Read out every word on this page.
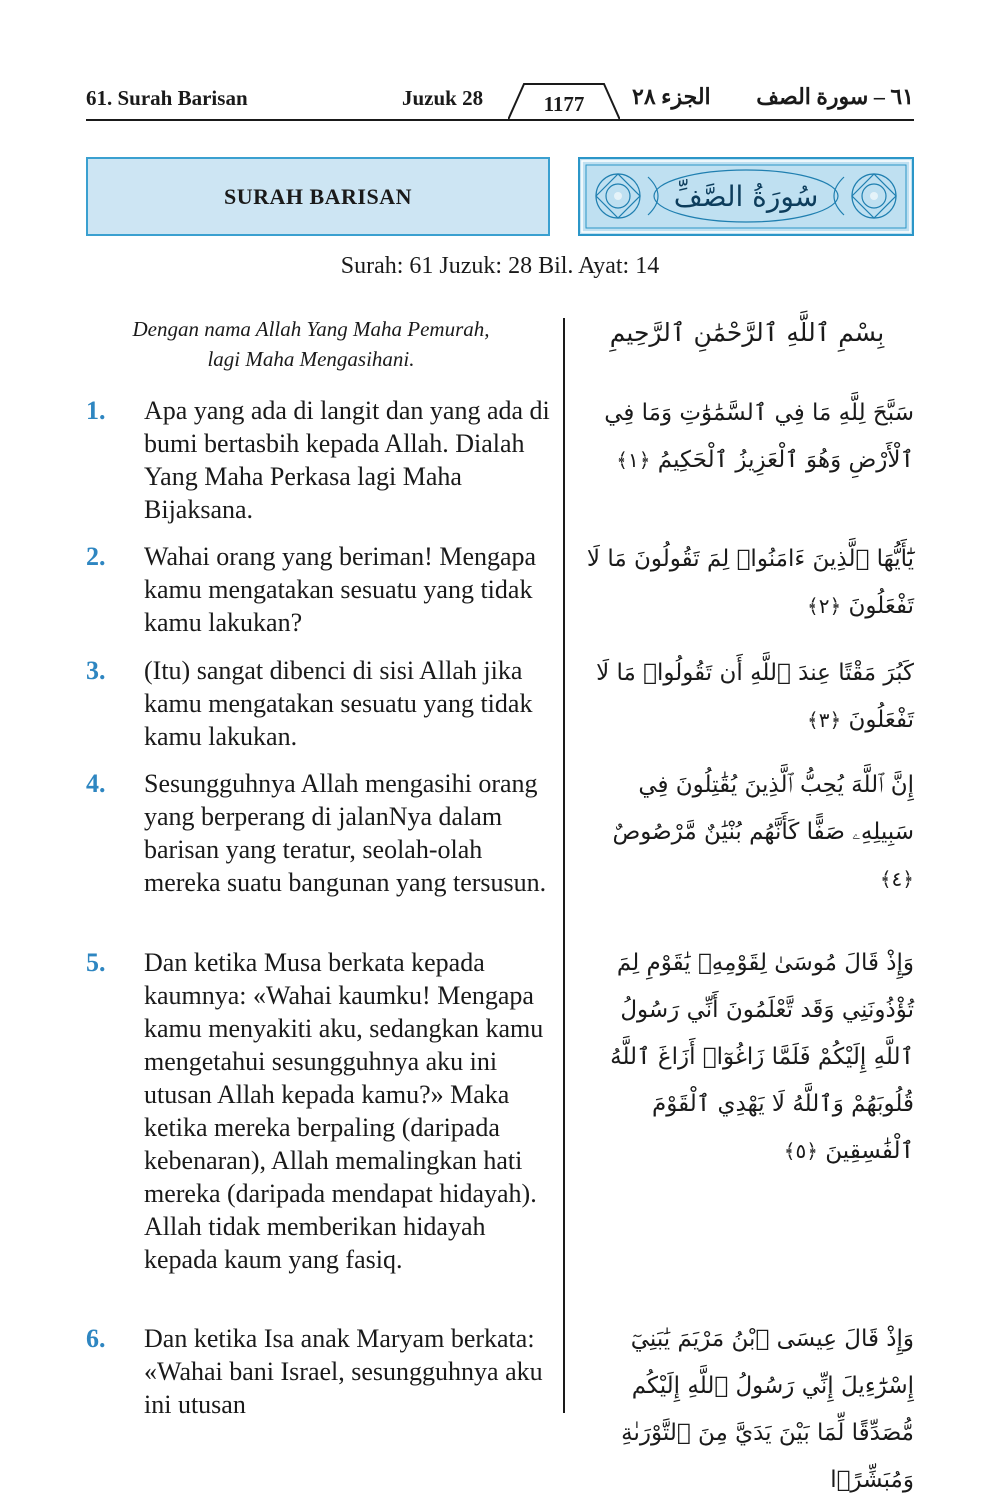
61. Surah Barisan	Juzuk 28	1177	الجزء ٢٨ ٦١ – سورة الصف
SURAH BARISAN	سُورَةُ الصَّفِّ
Surah: 61 Juzuk: 28 Bil. Ayat: 14
Dengan nama Allah Yang Maha Pemurah,
lagi Maha Mengasihani.
بِسْمِ ٱللَّهِ ٱلرَّحْمَٰنِ ٱلرَّحِيمِ
1. Apa yang ada di langit dan yang ada di bumi bertasbih kepada Allah. Dialah Yang Maha Perkasa lagi Maha Bijaksana.
2. Wahai orang yang beriman! Mengapa kamu mengatakan sesuatu yang tidak kamu lakukan?
3. (Itu) sangat dibenci di sisi Allah jika kamu mengatakan sesuatu yang tidak kamu lakukan.
4. Sesungguhnya Allah mengasihi orang yang berperang di jalanNya dalam barisan yang teratur, seolah-olah mereka suatu bangunan yang tersusun.
5. Dan ketika Musa berkata kepada kaumnya: «Wahai kaumku! Mengapa kamu menyakiti aku, sedangkan kamu mengetahui sesungguhnya aku ini utusan Allah kepada kamu?» Maka ketika mereka berpaling (daripada kebenaran), Allah memalingkan hati mereka (daripada mendapat hidayah). Allah tidak memberikan hidayah kepada kaum yang fasiq.
6. Dan ketika Isa anak Maryam berkata: «Wahai bani Israel, sesungguhnya aku ini utusan
سَبَّحَ لِلَّهِ مَا فِي ٱلسَّمَٰوَٰتِ وَمَا فِي ٱلْأَرْضِ وَهُوَ ٱلْعَزِيزُ ٱلْحَكِيمُ ﴿١﴾
يَٰٓأَيُّهَا ٱلَّذِينَ ءَامَنُوا۟ لِمَ تَقُولُونَ مَا لَا تَفْعَلُونَ ﴿٢﴾
كَبُرَ مَقْتًا عِندَ ٱللَّهِ أَن تَقُولُوا۟ مَا لَا تَفْعَلُونَ ﴿٣﴾
إِنَّ ٱللَّهَ يُحِبُّ ٱلَّذِينَ يُقَٰتِلُونَ فِي سَبِيلِهِۦ صَفًّا كَأَنَّهُم بُنْيَٰنٌ مَّرْصُوصٌ ﴿٤﴾
وَإِذْ قَالَ مُوسَىٰ لِقَوْمِهِۦ يَٰقَوْمِ لِمَ تُؤْذُونَنِي وَقَد تَّعْلَمُونَ أَنِّي رَسُولُ ٱللَّهِ إِلَيْكُمْ فَلَمَّا زَاغُوٓا۟ أَزَاغَ ٱللَّهُ قُلُوبَهُمْ وَٱللَّهُ لَا يَهْدِي ٱلْقَوْمَ ٱلْفَٰسِقِينَ ﴿٥﴾
وَإِذْ قَالَ عِيسَى ٱبْنُ مَرْيَمَ يَٰبَنِيٓ إِسْرَٰٓءِيلَ إِنِّي رَسُولُ ٱللَّهِ إِلَيْكُم مُّصَدِّقًا لِّمَا بَيْنَ يَدَيَّ مِنَ ٱلتَّوْرَىٰةِ وَمُبَشِّرًۢا
